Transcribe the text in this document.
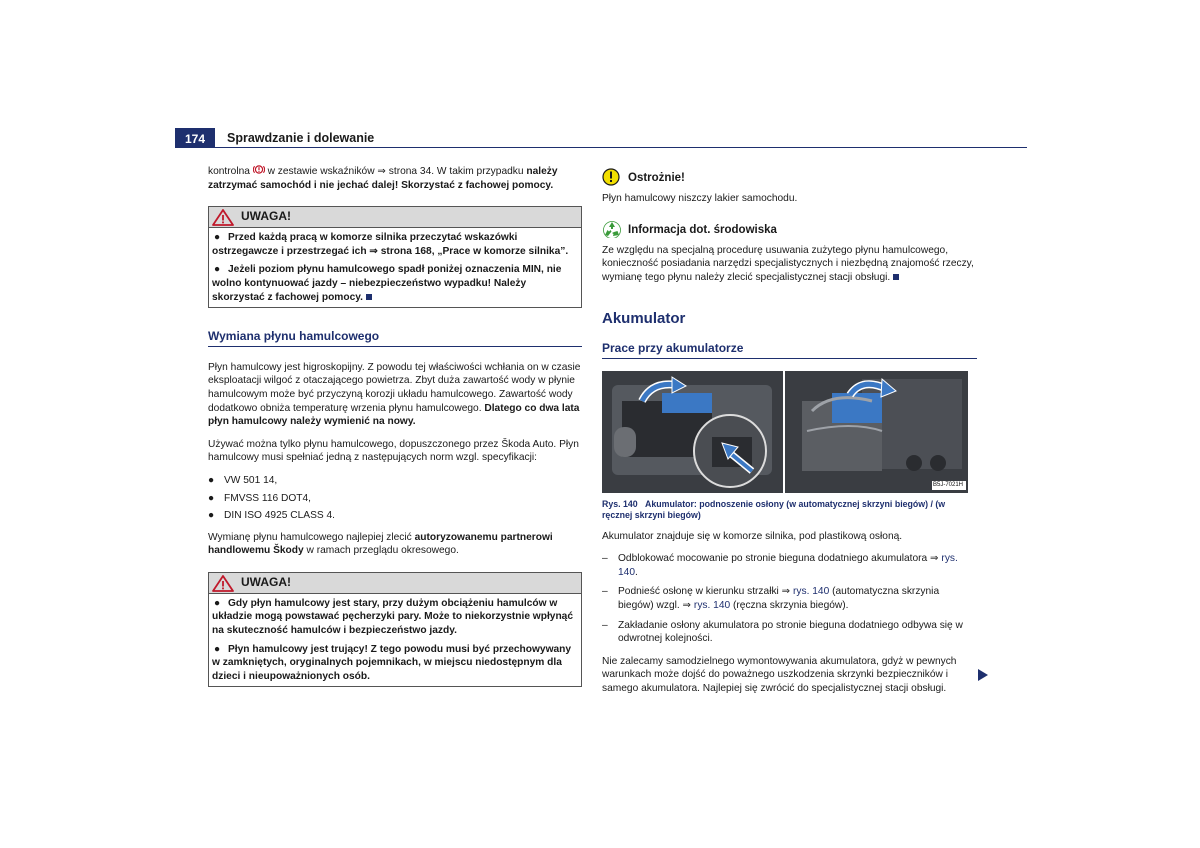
174	Sprawdzanie i dolewanie

kontrolna  w zestawie wskaźników ⇒ strona 34. W takim przypadku należy zatrzymać samochód i nie jechać dalej! Skorzystać z fachowej pomocy.

UWAGA!
● Przed każdą pracą w komorze silnika przeczytać wskazówki ostrzegawcze i przestrzegać ich ⇒ strona 168, „Prace w komorze silnika”.
● Jeżeli poziom płynu hamulcowego spadł poniżej oznaczenia MIN, nie wolno kontynuować jazdy – niebezpieczeństwo wypadku! Należy skorzystać z fachowej pomocy.
Wymiana płynu hamulcowego

Płyn hamulcowy jest higroskopijny. Z powodu tej właściwości wchłania on w czasie eksploatacji wilgoć z otaczającego powietrza. Zbyt duża zawartość wody w płynie hamulcowym może być przyczyną korozji układu hamulcowego. Zawartość wody dodatkowo obniża temperaturę wrzenia płynu hamulcowego. Dlatego co dwa lata płyn hamulcowy należy wymienić na nowy.

Używać można tylko płynu hamulcowego, dopuszczonego przez Škoda Auto. Płyn hamulcowy musi spełniać jedną z następujących norm wzgl. specyfikacji:

● VW 501 14,
● FMVSS 116 DOT4,
● DIN ISO 4925 CLASS 4.

Wymianę płynu hamulcowego najlepiej zlecić autoryzowanemu partnerowi handlowemu Škody w ramach przeglądu okresowego.

UWAGA!
● Gdy płyn hamulcowy jest stary, przy dużym obciążeniu hamulców w układzie mogą powstawać pęcherzyki pary. Może to niekorzystnie wpłynąć na skuteczność hamulców i bezpieczeństwo jazdy.
● Płyn hamulcowy jest trujący! Z tego powodu musi być przechowywany w zamkniętych, oryginalnych pojemnikach, w miejscu niedostępnym dla dzieci i nieupoważnionych osób.
Ostrożnie!

Płyn hamulcowy niszczy lakier samochodu.

Informacja dot. środowiska

Ze względu na specjalną procedurę usuwania zużytego płynu hamulcowego, konieczność posiadania narzędzi specjalistycznych i niezbędną znajomość rzeczy, wymianę tego płynu należy zlecić specjalistycznej stacji obsługi.

Akumulator
Prace przy akumulatorze
B5J-7021H
Rys. 140 Akumulator: podnoszenie osłony (w automatycznej skrzyni biegów) / (w ręcznej skrzyni biegów)

Akumulator znajduje się w komorze silnika, pod plastikową osłoną.

– Odblokować mocowanie po stronie bieguna dodatniego akumulatora ⇒ rys. 140.
– Podnieść osłonę w kierunku strzałki ⇒ rys. 140 (automatyczna skrzynia biegów) wzgl. ⇒ rys. 140 (ręczna skrzynia biegów).
– Zakładanie osłony akumulatora po stronie bieguna dodatniego odbywa się w odwrotnej kolejności.

Nie zalecamy samodzielnego wymontowywania akumulatora, gdyż w pewnych warunkach może dojść do poważnego uszkodzenia skrzynki bezpieczników i samego akumulatora. Najlepiej się zwrócić do specjalistycznej stacji obsługi.
